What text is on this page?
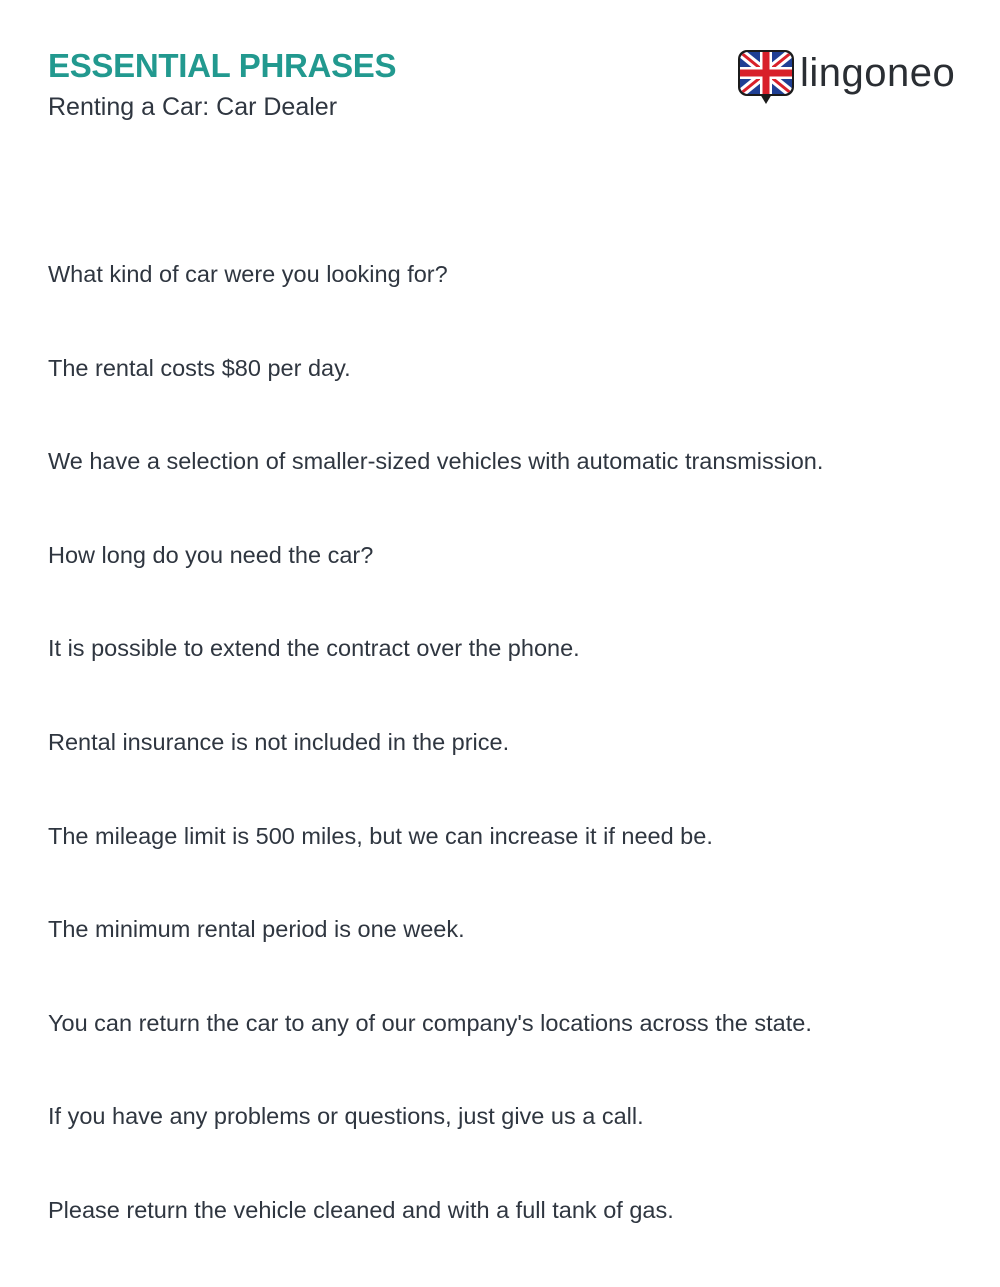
ESSENTIAL PHRASES
Renting a Car: Car Dealer
lingoneo
What kind of car were you looking for?
The rental costs $80 per day.
We have a selection of smaller-sized vehicles with automatic transmission.
How long do you need the car?
It is possible to extend the contract over the phone.
Rental insurance is not included in the price.
The mileage limit is 500 miles, but we can increase it if need be.
The minimum rental period is one week.
You can return the car to any of our company's locations across the state.
If you have any problems or questions, just give us a call.
Please return the vehicle cleaned and with a full tank of gas.
